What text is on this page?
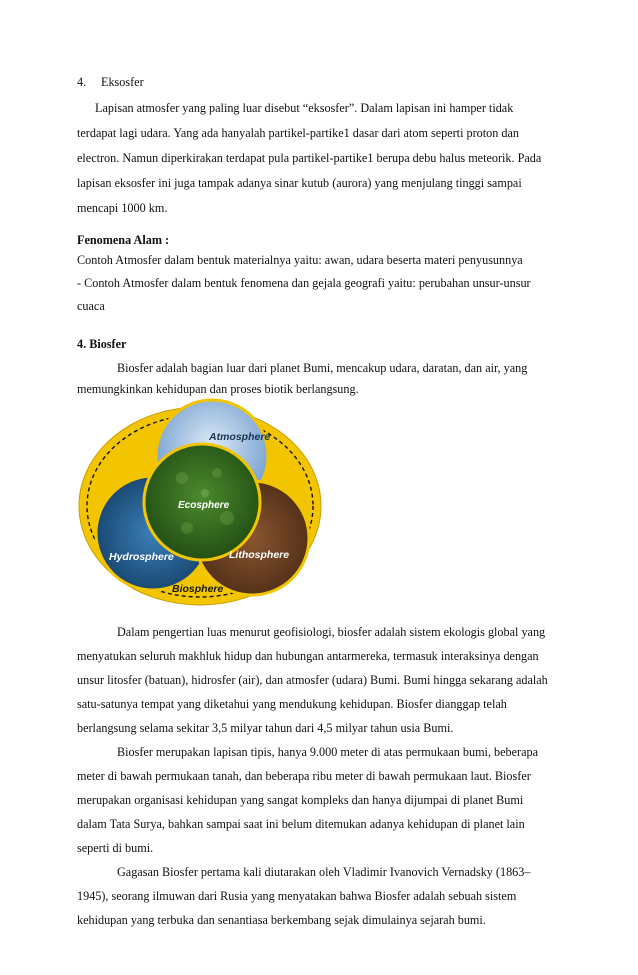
4. Eksosfer
Lapisan atmosfer yang paling luar disebut “eksosfer”. Dalam lapisan ini hamper tidak
terdapat lagi udara. Yang ada hanyalah partikel-partike1 dasar dari atom seperti proton dan
electron. Namun diperkirakan terdapat pula partikel-partike1 berupa debu halus meteorik. Pada
lapisan eksosfer ini juga tampak adanya sinar kutub (aurora) yang menjulang tinggi sampai
mencapi 1000 km.
Fenomena Alam :
Contoh Atmosfer dalam bentuk materialnya yaitu: awan, udara beserta materi penyusunnya
- Contoh Atmosfer dalam bentuk fenomena dan gejala geografi yaitu: perubahan unsur-unsur
cuaca
4. Biosfer
Biosfer adalah bagian luar dari planet Bumi, mencakup udara, daratan, dan air, yang
memungkinkan kehidupan dan proses biotik berlangsung.
Atmosphere
Ecosphere
Hydrosphere	Lithosphere
Biosphere
Dalam pengertian luas menurut geofisiologi, biosfer adalah sistem ekologis global yang
menyatukan seluruh makhluk hidup dan hubungan antarmereka, termasuk interaksinya dengan
unsur litosfer (batuan), hidrosfer (air), dan atmosfer (udara) Bumi. Bumi hingga sekarang adalah
satu-satunya tempat yang diketahui yang mendukung kehidupan. Biosfer dianggap telah
berlangsung selama sekitar 3,5 milyar tahun dari 4,5 milyar tahun usia Bumi.
Biosfer merupakan lapisan tipis, hanya 9.000 meter di atas permukaan bumi, beberapa
meter di bawah permukaan tanah, dan beberapa ribu meter di bawah permukaan laut. Biosfer
merupakan organisasi kehidupan yang sangat kompleks dan hanya dijumpai di planet Bumi
dalam Tata Surya, bahkan sampai saat ini belum ditemukan adanya kehidupan di planet lain
seperti di bumi.
Gagasan Biosfer pertama kali diutarakan oleh Vladimir Ivanovich Vernadsky (1863–
1945), seorang ilmuwan dari Rusia yang menyatakan bahwa Biosfer adalah sebuah sistem
kehidupan yang terbuka dan senantiasa berkembang sejak dimulainya sejarah bumi.
